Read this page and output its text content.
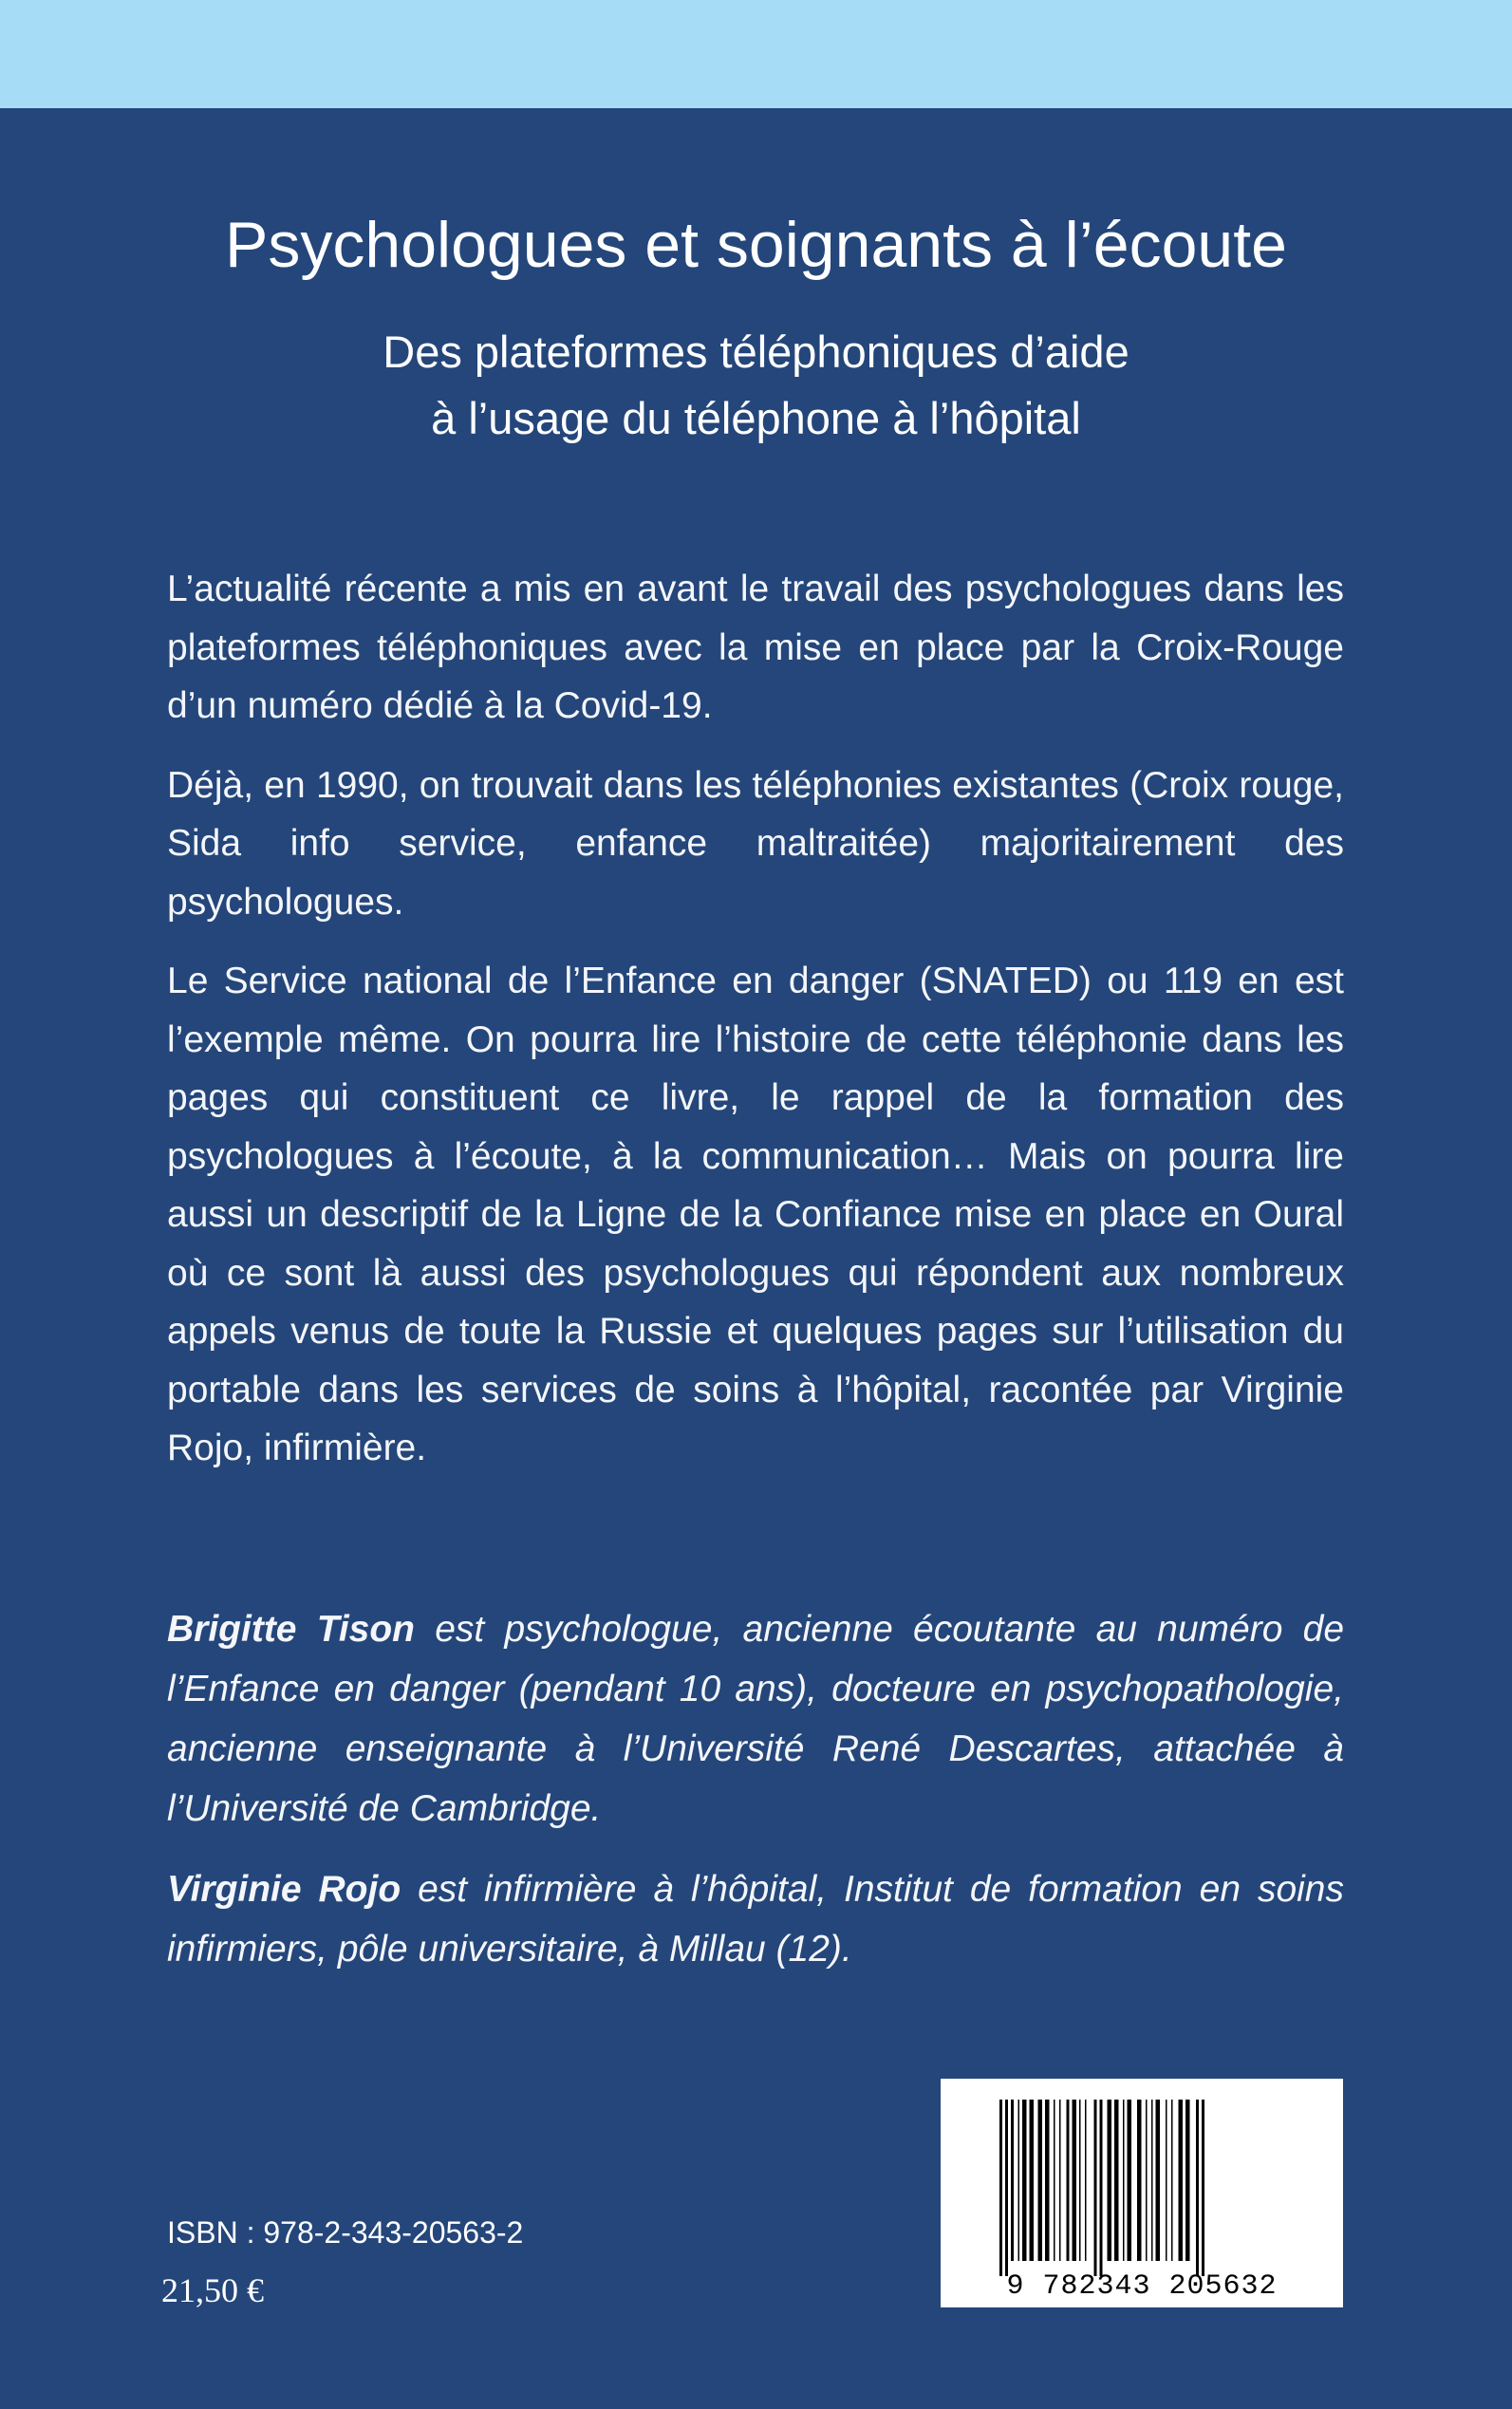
Psychologues et soignants à l’écoute
Des plateformes téléphoniques d’aide
à l’usage du téléphone à l’hôpital

L’actualité récente a mis en avant le travail des psychologues dans les plateformes téléphoniques avec la mise en place par la Croix-Rouge d’un numéro dédié à la Covid-19.

Déjà, en 1990, on trouvait dans les téléphonies existantes (Croix rouge, Sida info service, enfance maltraitée) majoritairement des psychologues.

Le Service national de l’Enfance en danger (SNATED) ou 119 en est l’exemple même. On pourra lire l’histoire de cette téléphonie dans les pages qui constituent ce livre, le rappel de la formation des psychologues à l’écoute, à la communication… Mais on pourra lire aussi un descriptif de la Ligne de la Confiance mise en place en Oural où ce sont là aussi des psychologues qui répondent aux nombreux appels venus de toute la Russie et quelques pages sur l’utilisation du portable dans les services de soins à l’hôpital, racontée par Virginie Rojo, infirmière.

Brigitte Tison est psychologue, ancienne écoutante au numéro de l’Enfance en danger (pendant 10 ans), docteure en psychopathologie, ancienne enseignante à l’Université René Descartes, attachée à l’Université de Cambridge.

Virginie Rojo est infirmière à l’hôpital, Institut de formation en soins infirmiers, pôle universitaire, à Millau (12).

9 782343 205632
ISBN : 978-2-343-20563-2
21,50 €
